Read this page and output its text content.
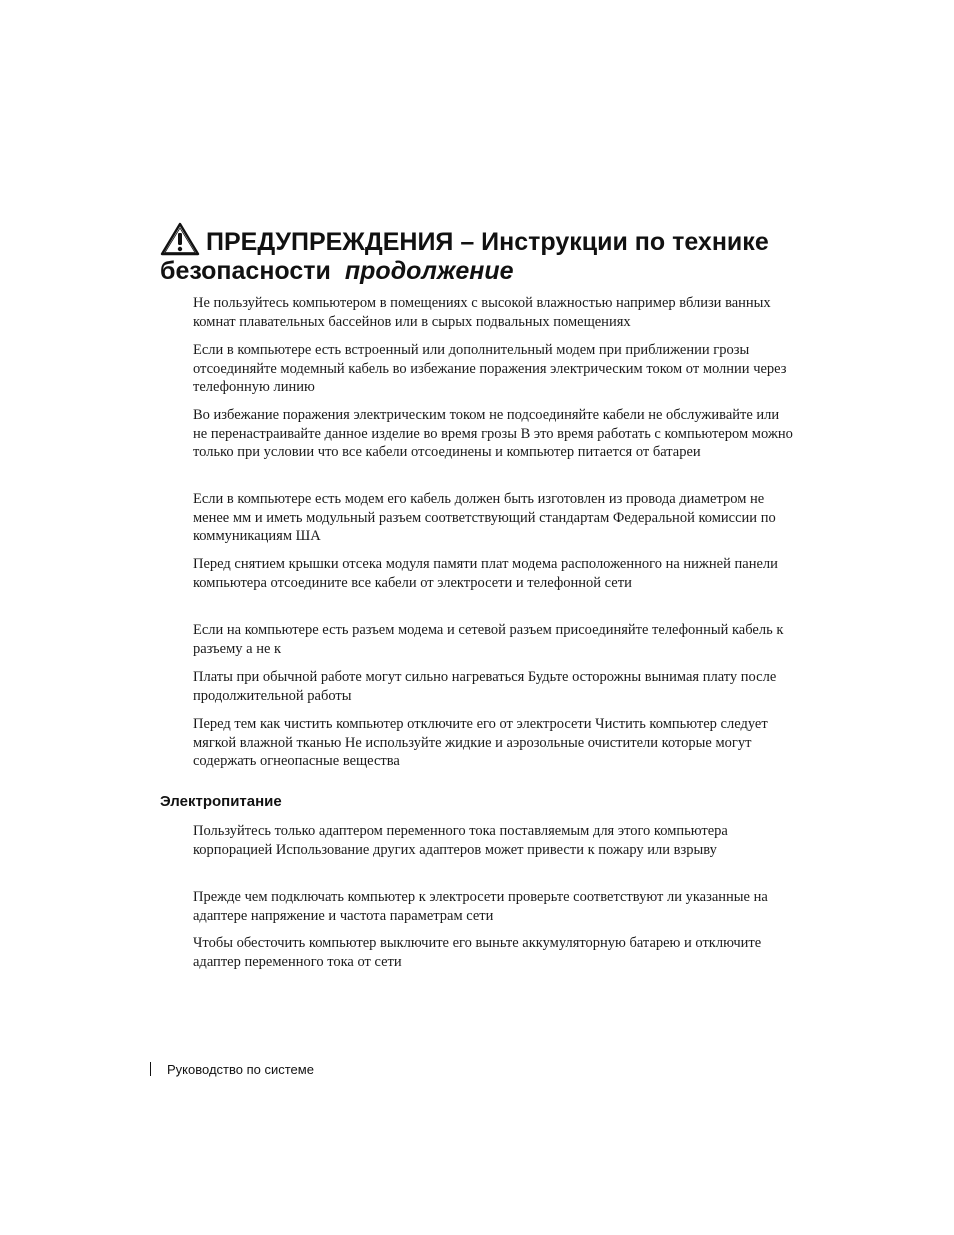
ПРЕДУПРЕЖДЕНИЯ – Инструкции по технике безопасности продолжение
Не пользуйтесь компьютером в помещениях с высокой влажностью например вблизи ванных комнат плавательных бассейнов или в сырых подвальных помещениях
Если в компьютере есть встроенный или дополнительный модем при приближении грозы отсоединяйте модемный кабель во избежание поражения электрическим током от молнии через телефонную линию
Во избежание поражения электрическим током не подсоединяйте кабели не обслуживайте или не перенастраивайте данное изделие во время грозы В это время работать с компьютером можно только при условии что все кабели отсоединены и компьютер питается от батареи
Если в компьютере есть модем его кабель должен быть изготовлен из провода диаметром не менее мм и иметь модульный разъем соответствующий стандартам Федеральной комиссии по коммуникациям ША
Перед снятием крышки отсека модуля памяти плат модема расположенного на нижней панели компьютера отсоедините все кабели от электросети и телефонной сети
Если на компьютере есть разъем модема и сетевой разъем присоединяйте телефонный кабель к разъему а не к
Платы при обычной работе могут сильно нагреваться Будьте осторожны вынимая плату после продолжительной работы
Перед тем как чистить компьютер отключите его от электросети Чистить компьютер следует мягкой влажной тканью Не используйте жидкие и аэрозольные очистители которые могут содержать огнеопасные вещества
Электропитание
Пользуйтесь только адаптером переменного тока поставляемым для этого компьютера корпорацией Использование других адаптеров может привести к пожару или взрыву
Прежде чем подключать компьютер к электросети проверьте соответствуют ли указанные на адаптере напряжение и частота параметрам сети
Чтобы обесточить компьютер выключите его выньте аккумуляторную батарею и отключите адаптер переменного тока от сети
Руководство по системе
